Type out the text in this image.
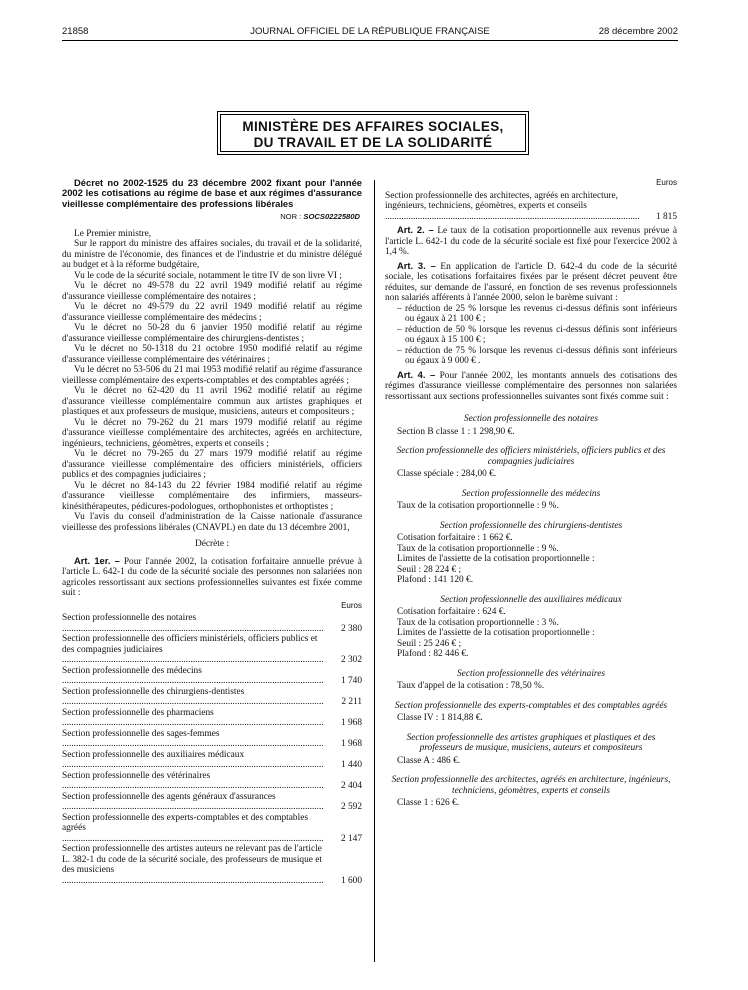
21858	JOURNAL OFFICIEL DE LA RÉPUBLIQUE FRANÇAISE	28 décembre 2002
MINISTÈRE DES AFFAIRES SOCIALES,
DU TRAVAIL ET DE LA SOLIDARITÉ

Décret no 2002-1525 du 23 décembre 2002 fixant pour l'année 2002 les cotisations au régime de base et aux régimes d'assurance vieillesse complémentaire des professions libérales

NOR : SOCS0222580D

Le Premier ministre,

Sur le rapport du ministre des affaires sociales, du travail et de la solidarité, du ministre de l'économie, des finances et de l'industrie et du ministre délégué au budget et à la réforme budgétaire,

Vu le code de la sécurité sociale, notamment le titre IV de son livre VI ;

Vu le décret no 49-578 du 22 avril 1949 modifié relatif au régime d'assurance vieillesse complémentaire des notaires ;

Vu le décret no 49-579 du 22 avril 1949 modifié relatif au régime d'assurance vieillesse complémentaire des médecins ;

Vu le décret no 50-28 du 6 janvier 1950 modifié relatif au régime d'assurance vieillesse complémentaire des chirurgiens-dentistes ;

Vu le décret no 50-1318 du 21 octobre 1950 modifié relatif au régime d'assurance vieillesse complémentaire des vétérinaires ;

Vu le décret no 53-506 du 21 mai 1953 modifié relatif au régime d'assurance vieillesse complémentaire des experts-comptables et des comptables agréés ;

Vu le décret no 62-420 du 11 avril 1962 modifié relatif au régime d'assurance vieillesse complémentaire commun aux artistes graphiques et plastiques et aux professeurs de musique, musiciens, auteurs et compositeurs ;

Vu le décret no 79-262 du 21 mars 1979 modifié relatif au régime d'assurance vieillesse complémentaire des architectes, agréés en architecture, ingénieurs, techniciens, géomètres, experts et conseils ;

Vu le décret no 79-265 du 27 mars 1979 modifié relatif au régime d'assurance vieillesse complémentaire des officiers ministériels, officiers publics et des compagnies judiciaires ;

Vu le décret no 84-143 du 22 février 1984 modifié relatif au régime d'assurance vieillesse complémentaire des infirmiers, masseurs-kinésithérapeutes, pédicures-podologues, orthophonistes et orthoptistes ;

Vu l'avis du conseil d'administration de la Caisse nationale d'assurance vieillesse des professions libérales (CNAVPL) en date du 13 décembre 2001,

Décrète :

Art. 1er. – Pour l'année 2002, la cotisation forfaitaire annuelle prévue à l'article L. 642-1 du code de la sécurité sociale des personnes non salariées non agricoles ressortissant aux sections professionnelles suivantes est fixée comme suit :

Euros
Section professionnelle des notaires .....
2 380
Section professionnelle des officiers ministériels, officiers publics et des compagnies judiciaires .....
2 302
Section professionnelle des médecins .....
1 740
Section professionnelle des chirurgiens-dentistes .....
2 211
Section professionnelle des pharmaciens .....
1 968
Section professionnelle des sages-femmes .....
1 968
Section professionnelle des auxiliaires médicaux .....
1 440
Section professionnelle des vétérinaires .....
2 404
Section professionnelle des agents généraux d'assurances .....
2 592
Section professionnelle des experts-comptables et des comptables agréés .....
2 147
Section professionnelle des artistes auteurs ne relevant pas de l'article L. 382-1 du code de la sécurité sociale, des professeurs de musique et des musiciens .....
1 600
Euros
Section professionnelle des architectes, agréés en architecture, ingénieurs, techniciens, géomètres, experts et conseils .....
1 815

Art. 2. – Le taux de la cotisation proportionnelle aux revenus prévue à l'article L. 642-1 du code de la sécurité sociale est fixé pour l'exercice 2002 à 1,4 %.

Art. 3. – En application de l'article D. 642-4 du code de la sécurité sociale, les cotisations forfaitaires fixées par le présent décret peuvent être réduites, sur demande de l'assuré, en fonction de ses revenus professionnels non salariés afférents à l'année 2000, selon le barème suivant :

– réduction de 25 % lorsque les revenus ci-dessus définis sont inférieurs ou égaux à 21 100 € ;

– réduction de 50 % lorsque les revenus ci-dessus définis sont inférieurs ou égaux à 15 100 € ;

– réduction de 75 % lorsque les revenus ci-dessus définis sont inférieurs ou égaux à 9 000 € .

Art. 4. – Pour l'année 2002, les montants annuels des cotisations des régimes d'assurance vieillesse complémentaire des personnes non salariées ressortissant aux sections professionnelles suivantes sont fixés comme suit :

Section professionnelle des notaires

Section B classe 1 : 1 298,90 €.

Section professionnelle des officiers ministériels, officiers publics et des compagnies judiciaires

Classe spéciale : 284,00 €.

Section professionnelle des médecins

Taux de la cotisation proportionnelle : 9 %.

Section professionnelle des chirurgiens-dentistes

Cotisation forfaitaire : 1 662 €.

Taux de la cotisation proportionnelle : 9 %.

Limites de l'assiette de la cotisation proportionnelle :

Seuil : 28 224 € ;

Plafond : 141 120 €.

Section professionnelle des auxiliaires médicaux

Cotisation forfaitaire : 624 €.

Taux de la cotisation proportionnelle : 3 %.

Limites de l'assiette de la cotisation proportionnelle :

Seuil : 25 246 € ;

Plafond : 82 446 €.

Section professionnelle des vétérinaires

Taux d'appel de la cotisation : 78,50 %.

Section professionnelle des experts-comptables et des comptables agréés

Classe IV : 1 814,88 €.

Section professionnelle des artistes graphiques et plastiques et des professeurs de musique, musiciens, auteurs et compositeurs

Classe A : 486 €.

Section professionnelle des architectes, agréés en architecture, ingénieurs, techniciens, géomètres, experts et conseils

Classe 1 : 626 €.
